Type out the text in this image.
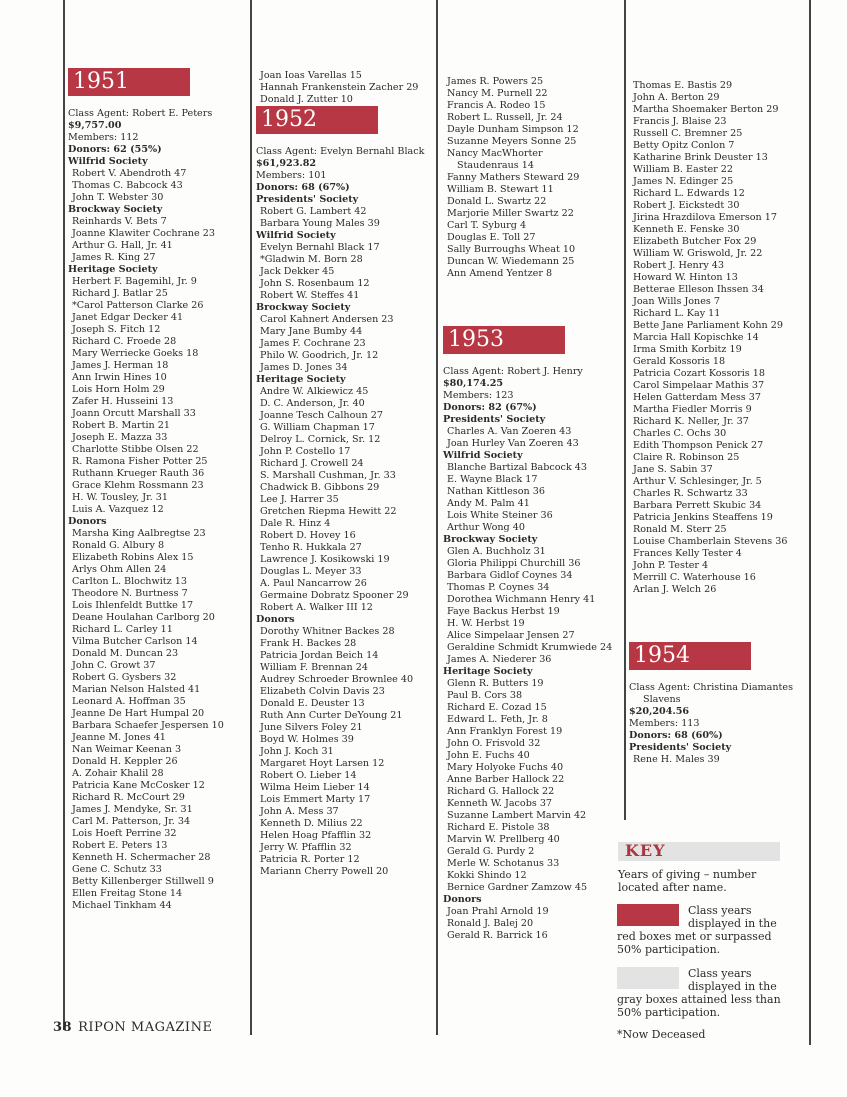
1951

Class Agent: Robert E. Peters

$9,757.00

Members: 112

Donors: 62 (55%)

Wilfrid Society

Robert V. Abendroth 47

Thomas C. Babcock 43

John T. Webster 30

Brockway Society

Reinhards V. Bets 7

Joanne Klawiter Cochrane 23

Arthur G. Hall, Jr. 41

James R. King 27

Heritage Society

Herbert F. Bagemihl, Jr. 9

Richard J. Batlar 25

*Carol Patterson Clarke 26

Janet Edgar Decker 41

Joseph S. Fitch 12

Richard C. Froede 28

Mary Werriecke Goeks 18

James J. Herman 18

Ann Irwin Hines 10

Lois Horn Holm 29

Zafer H. Husseini 13

Joann Orcutt Marshall 33

Robert B. Martin 21

Joseph E. Mazza 33

Charlotte Stibbe Olsen 22

R. Ramona Fisher Potter 25

Ruthann Krueger Rauth 36

Grace Klehm Rossmann 23

H. W. Tousley, Jr. 31

Luis A. Vazquez 12

Donors

Marsha King Aalbregtse 23

Ronald G. Albury 8

Elizabeth Robins Alex 15

Arlys Ohm Allen 24

Carlton L. Blochwitz 13

Theodore N. Burtness 7

Lois Ihlenfeldt Buttke 17

Deane Houlahan Carlborg 20

Richard L. Carley 11

Vilma Butcher Carlson 14

Donald M. Duncan 23

John C. Growt 37

Robert G. Gysbers 32

Marian Nelson Halsted 41

Leonard A. Hoffman 35

Jeanne De Hart Humpal 20

Barbara Schaefer Jespersen 10

Jeanne M. Jones 41

Nan Weimar Keenan 3

Donald H. Keppler 26

A. Zohair Khalil 28

Patricia Kane McCosker 12

Richard R. McCourt 29

James J. Mendyke, Sr. 31

Carl M. Patterson, Jr. 34

Lois Hoeft Perrine 32

Robert E. Peters 13

Kenneth H. Schermacher 28

Gene C. Schutz 33

Betty Killenberger Stillwell 9

Ellen Freitag Stone 14

Michael Tinkham 44

Joan Ioas Varellas 15

Hannah Frankenstein Zacher 29

Donald J. Zutter 10

1952

Class Agent: Evelyn Bernahl Black

$61,923.82

Members: 101

Donors: 68 (67%)

Presidents' Society

Robert G. Lambert 42

Barbara Young Males 39

Wilfrid Society

Evelyn Bernahl Black 17

*Gladwin M. Born 28

Jack Dekker 45

John S. Rosenbaum 12

Robert W. Steffes 41

Brockway Society

Carol Kahnert Andersen 23

Mary Jane Bumby 44

James F. Cochrane 23

Philo W. Goodrich, Jr. 12

James D. Jones 34

Heritage Society

Andre W. Alkiewicz 45

D. C. Anderson, Jr. 40

Joanne Tesch Calhoun 27

G. William Chapman 17

Delroy L. Cornick, Sr. 12

John P. Costello 17

Richard J. Crowell 24

S. Marshall Cushman, Jr. 33

Chadwick B. Gibbons 29

Lee J. Harrer 35

Gretchen Riepma Hewitt 22

Dale R. Hinz 4

Robert D. Hovey 16

Tenho R. Hukkala 27

Lawrence J. Kosikowski 19

Douglas L. Meyer 33

A. Paul Nancarrow 26

Germaine Dobratz Spooner 29

Robert A. Walker III 12

Donors

Dorothy Whitner Backes 28

Frank H. Backes 28

Patricia Jordan Beich 14

William F. Brennan 24

Audrey Schroeder Brownlee 40

Elizabeth Colvin Davis 23

Donald E. Deuster 13

Ruth Ann Curter DeYoung 21

June Silvers Foley 21

Boyd W. Holmes 39

John J. Koch 31

Margaret Hoyt Larsen 12

Robert O. Lieber 14

Wilma Heim Lieber 14

Lois Emmert Marty 17

John A. Mess 37

Kenneth D. Milius 22

Helen Hoag Pfafflin 32

Jerry W. Pfafflin 32

Patricia R. Porter 12

Mariann Cherry Powell 20

James R. Powers 25

Nancy M. Purnell 22

Francis A. Rodeo 15

Robert L. Russell, Jr. 24

Dayle Dunham Simpson 12

Suzanne Meyers Sonne 25

Nancy MacWhorter

Staudenraus 14

Fanny Mathers Steward 29

William B. Stewart 11

Donald L. Swartz 22

Marjorie Miller Swartz 22

Carl T. Syburg 4

Douglas E. Toll 27

Sally Burroughs Wheat 10

Duncan W. Wiedemann 25

Ann Amend Yentzer 8

1953

Class Agent: Robert J. Henry

$80,174.25

Members: 123

Donors: 82 (67%)

Presidents' Society

Charles A. Van Zoeren 43

Joan Hurley Van Zoeren 43

Wilfrid Society

Blanche Bartizal Babcock 43

E. Wayne Black 17

Nathan Kittleson 36

Andy M. Palm 41

Lois White Steiner 36

Arthur Wong 40

Brockway Society

Glen A. Buchholz 31

Gloria Philippi Churchill 36

Barbara Gidlof Coynes 34

Thomas P. Coynes 34

Dorothea Wichmann Henry 41

Faye Backus Herbst 19

H. W. Herbst 19

Alice Simpelaar Jensen 27

Geraldine Schmidt Krumwiede 24

James A. Niederer 36

Heritage Society

Glenn R. Butters 19

Paul B. Cors 38

Richard E. Cozad 15

Edward L. Feth, Jr. 8

Ann Franklyn Forest 19

John O. Frisvold 32

John E. Fuchs 40

Mary Holyoke Fuchs 40

Anne Barber Hallock 22

Richard G. Hallock 22

Kenneth W. Jacobs 37

Suzanne Lambert Marvin 42

Richard E. Pistole 38

Marvin W. Prellberg 40

Gerald G. Purdy 2

Merle W. Schotanus 33

Kokki Shindo 12

Bernice Gardner Zamzow 45

Donors

Joan Prahl Arnold 19

Ronald J. Balej 20

Gerald R. Barrick 16

Thomas E. Bastis 29

John A. Berton 29

Martha Shoemaker Berton 29

Francis J. Blaise 23

Russell C. Bremner 25

Betty Opitz Conlon 7

Katharine Brink Deuster 13

William B. Easter 22

James N. Edinger 25

Richard L. Edwards 12

Robert J. Eickstedt 30

Jirina Hrazdilova Emerson 17

Kenneth E. Fenske 30

Elizabeth Butcher Fox 29

William W. Griswold, Jr. 22

Robert J. Henry 43

Howard W. Hinton 13

Betterae Elleson Ihssen 34

Joan Wills Jones 7

Richard L. Kay 11

Bette Jane Parliament Kohn 29

Marcia Hall Kopischke 14

Irma Smith Korbitz 19

Gerald Kossoris 18

Patricia Cozart Kossoris 18

Carol Simpelaar Mathis 37

Helen Gatterdam Mess 37

Martha Fiedler Morris 9

Richard K. Neller, Jr. 37

Charles C. Ochs 30

Edith Thompson Penick 27

Claire R. Robinson 25

Jane S. Sabin 37

Arthur V. Schlesinger, Jr. 5

Charles R. Schwartz 33

Barbara Perrett Skubic 34

Patricia Jenkins Steaffens 19

Ronald M. Sterr 25

Louise Chamberlain Stevens 36

Frances Kelly Tester 4

John P. Tester 4

Merrill C. Waterhouse 16

Arlan J. Welch 26

1954

Class Agent: Christina Diamantes

Slavens

$20,204.56

Members: 113

Donors: 68 (60%)

Presidents' Society

Rene H. Males 39

KEY
Years of giving – number
located after name.
Class years
displayed in the
red boxes met or surpassed
50% participation.
Class years
displayed in the
gray boxes attained less than
50% participation.
*Now Deceased
38 RIPON MAGAZINE
